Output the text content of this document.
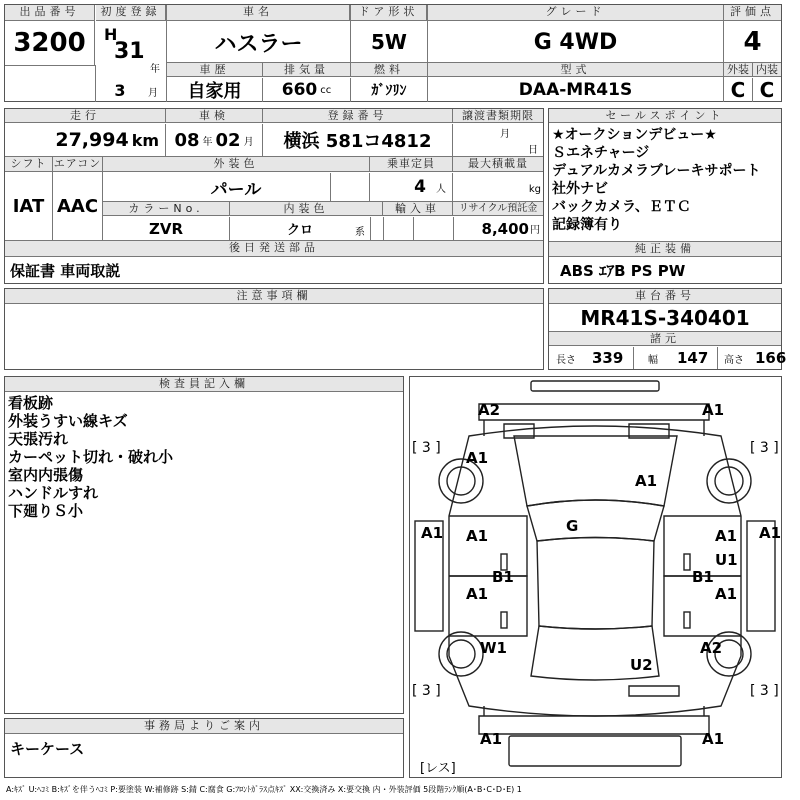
出品番号
3200
初度登録
H
31
年
3	月
車名
ハスラー
ドア形状
5W
グレード
G 4WD
評価点
4
車歴
自家用
排気量
660 cc
燃料
ｶﾞｿﾘﾝ
型式
DAA-MR41S
外装 内装
C C
走行
27,994 km
車検
08 年 02 月
登録番号
横浜 581コ4812
譲渡書類期限
月
日
シフト
IAT
エアコン
AAC
外装色
パール
乗車定員
4 人
最大積載量
kg
カラーNo.
ZVR
内装色
クロ	系
輸入車	リサイクル預託金
8,400 円
後日発送部品
保証書 車両取説
注意事項欄
セールスポイント
★オークションデビュー★
Ｓエネチャージ
デュアルカメラブレーキサポート
社外ナビ
バックカメラ、ＥＴＣ
記録簿有り
純正装備
ABS ｴｱB PS PW
車台番号
MR41S-340401
諸元
長さ 339 幅 147 高さ 166
検査員記入欄
看板跡
外装うすい線キズ
天張汚れ
カーペット切れ・破れ小
室内内張傷
ハンドルすれ
下廻りＳ小
事務局よりご案内
キーケース
A2	A1
[ 3 ]	[ 3 ]
A1
A1
G
A1	A1
A1	A1
U1
B1	B1
A1	A1
W1	A2
U2
[ 3 ]	[ 3 ]
A1	A1
[レス]
A:ｷｽﾞ U:ﾍｺﾐ B:ｷｽﾞを伴うﾍｺﾐ P:要塗装 W:補修跡 S:錆 C:腐食 G:ﾌﾛﾝﾄｶﾞﾗｽ点ｷｽﾞ XX:交換済み X:要交換 内・外装評価 5段階ﾗﾝｸ順(A･B･C･D･E) 1
